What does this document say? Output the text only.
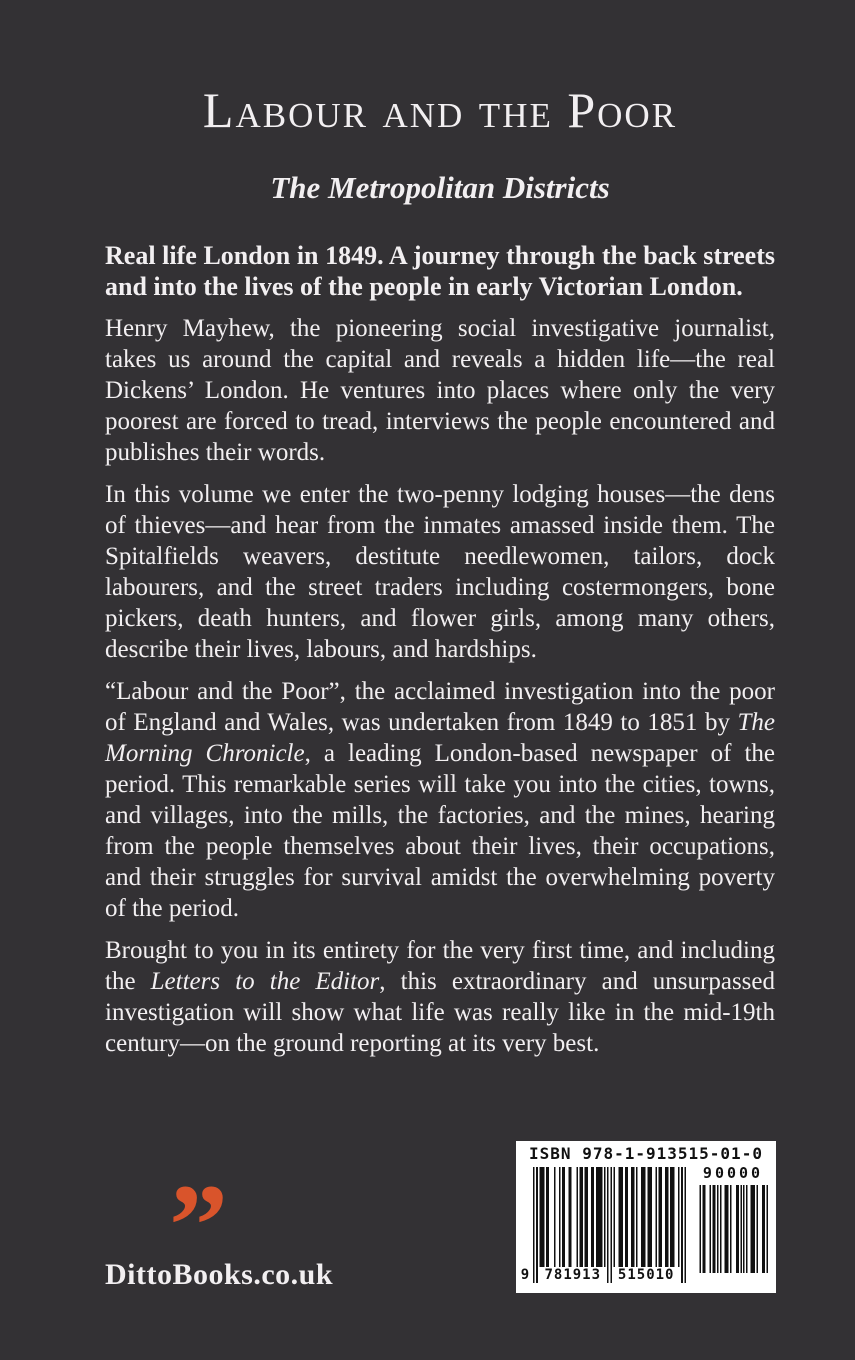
Labour and the Poor
The Metropolitan Districts

Real life London in 1849. A journey through the back streets and into the lives of the people in early Victorian London.

Henry Mayhew, the pioneering social investigative journalist, takes us around the capital and reveals a hidden life—the real Dickens’ London. He ventures into places where only the very poorest are forced to tread, interviews the people encountered and publishes their words.

In this volume we enter the two-penny lodging houses—the dens of thieves—and hear from the inmates amassed inside them. The Spitalfields weavers, destitute needlewomen, tailors, dock labourers, and the street traders including costermongers, bone pickers, death hunters, and flower girls, among many others, describe their lives, labours, and hardships.

“Labour and the Poor”, the acclaimed investigation into the poor of England and Wales, was undertaken from 1849 to 1851 by The Morning Chronicle, a leading London-based newspaper of the period. This remarkable series will take you into the cities, towns, and villages, into the mills, the factories, and the mines, hearing from the people themselves about their lives, their occupations, and their struggles for survival amidst the overwhelming poverty of the period.

Brought to you in its entirety for the very first time, and including the Letters to the Editor, this extraordinary and unsurpassed investigation will show what life was really like in the mid-19th century—on the ground reporting at its very best.

ISBN 978-1-913515-01-0
9	781913	515010
90000
”
DittoBooks.co.uk
